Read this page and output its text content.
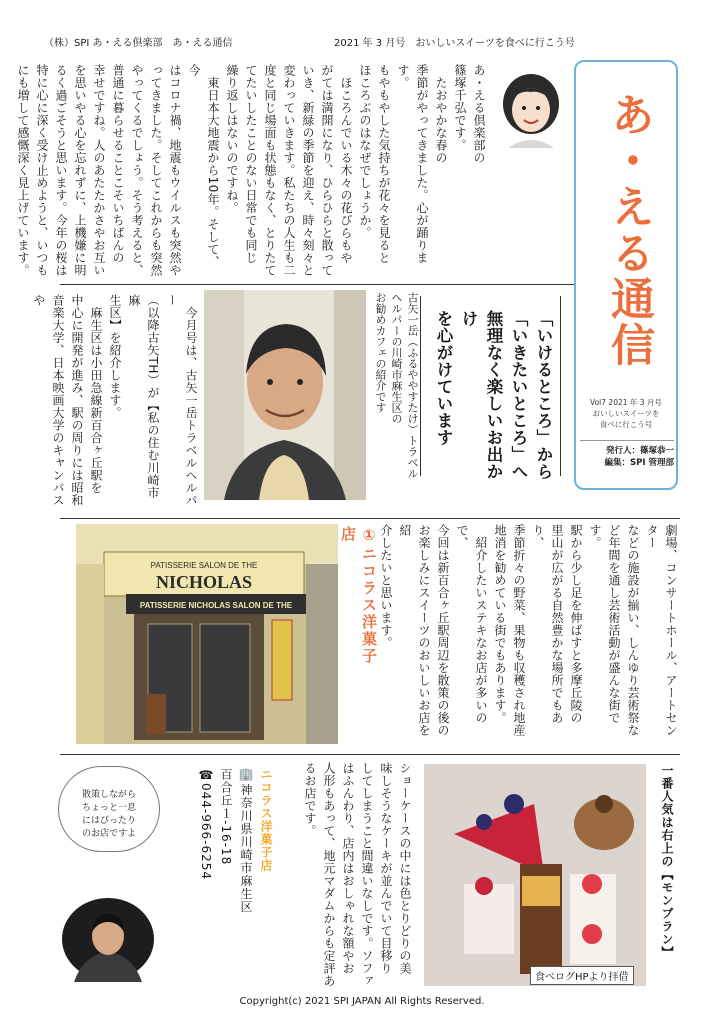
（株）SPI あ・える倶楽部　あ・える通信	2021 年 3 月号　おいしいスイーツを食べに行こう号
あ・える通信
Vol7 2021 年 3 月号
おいしいスイーツを
食べに行こう号
発行人：篠塚恭一
編集：SPI 管理部
あ・える倶楽部の
篠塚千弘です。
　たおやかな春の
季節がやってきました。心が踊ります。
もやもやした気持ちが花々を見ると
ほころぶのはなぜでしょうか。
　ほころんでいる木々の花びらもや
がては満開になり、ひらひらと散って
いき、新緑の季節を迎え、時々刻々と
変わっていきます。私たちの人生も二
度と同じ場面も状態もなく、とりたて
てたいしたことのない日常でも同じ
繰り返しはないのですね。
　東日本大地震から10年。そして、今
はコロナ禍、地震もウイルスも突然や
ってきました。そしてこれからも突然
やってくるでしょう。そう考えると、
普通に暮らせることこそいちばんの
幸せですね。人のあたたかさやお互い
を思いやる心を忘れずに、上機嫌に明
るく過ごそうと思います。今年の桜は
特に心に深く受け止めようと、いつも
にも増して感慨深く見上げています。
「いけるところ」から
「いきたいところ」へ
無理なく楽しいお出かけ
を心がけています
古矢一岳（ふるややすたけ）トラベル
ヘルパーの川崎市麻生区の
お勧めカフェの紹介です
　今月号は、古矢一岳トラベルヘルパー
（以降古矢TH）が【私の住む川崎市麻
生区】を紹介します。
　麻生区は小田急線新百合ヶ丘駅を
中心に開発が進み、駅の周りには昭和
音楽大学、日本映画大学のキャンパスや
劇場、コンサートホール、アートセンター
などの施設が揃い、しんゆり芸術祭な
ど年間を通し芸術活動が盛んな街です。
駅から少し足を伸ばすと多摩丘陵の
里山が広がる自然豊かな場所でもあり、
季節折々の野菜、果物も収穫され地産
地消を勧めている街でもあります。
　紹介したいステキなお店が多いので、
今回は新百合ヶ丘駅周辺を散策の後の
お楽しみにスイーツのおいしいお店を紹
介したいと思います。
①ニコラス洋菓子店
PATISSERIE SALON DE THE
NICHOLAS
PATISSERIE NICHOLAS SALON DE THE
ショーケースの中には色とりどりの美
味しそうなケーキが並んでいて目移り
してしまうこと間違いなしです。ソファ
はふんわり、店内はおしゃれな額やお
人形もあって、地元マダムからも定評あ
るお店です。	一番人気は右上の【モンブラン】
食べログHPより拝借
ニコラス洋菓子店
🏢神奈川県川崎市麻生区
百合丘１-16-18
☎044-966-6254
散策しながら
ちょっと一息
にはぴったり
のお店ですよ
Copyright(c) 2021 SPI JAPAN All Rights Reserved.
